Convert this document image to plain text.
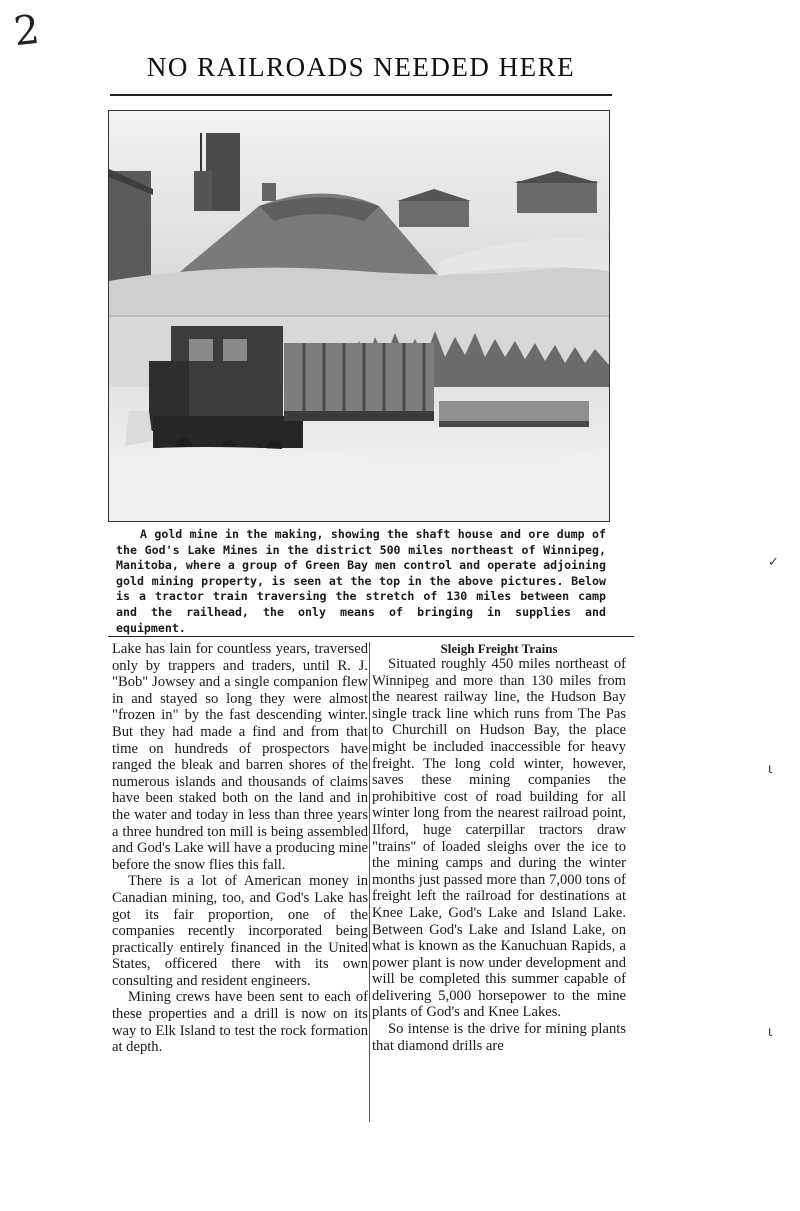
2
NO RAILROADS NEEDED HERE

A gold mine in the making, showing the shaft house and ore dump of the God's Lake Mines in the district 500 miles northeast of Winnipeg, Manitoba, where a group of Green Bay men control and operate adjoining gold mining property, is seen at the top in the above pictures. Below is a tractor train traversing the stretch of 130 miles between camp and the railhead, the only means of bringing in supplies and equipment.

Lake has lain for countless years, traversed only by trappers and traders, until R. J. "Bob" Jowsey and a single companion flew in and stayed so long they were almost "frozen in" by the fast descending winter. But they had made a find and from that time on hundreds of prospectors have ranged the bleak and barren shores of the numerous islands and thousands of claims have been staked both on the land and in the water and today in less than three years a three hundred ton mill is being assembled and God's Lake will have a producing mine before the snow flies this fall.

There is a lot of American money in Canadian mining, too, and God's Lake has got its fair proportion, one of the companies recently incorporated being practically entirely financed in the United States, officered there with its own consulting and resident engineers.

Mining crews have been sent to each of these properties and a drill is now on its way to Elk Island to test the rock formation at depth.

Sleigh Freight Trains

Situated roughly 450 miles northeast of Winnipeg and more than 130 miles from the nearest railway line, the Hudson Bay single track line which runs from The Pas to Churchill on Hudson Bay, the place might be included inaccessible for heavy freight. The long cold winter, however, saves these mining companies the prohibitive cost of road building for all winter long from the nearest railroad point, Ilford, huge caterpillar tractors draw "trains" of loaded sleighs over the ice to the mining camps and during the winter months just passed more than 7,000 tons of freight left the railroad for destinations at Knee Lake, God's Lake and Island Lake. Between God's Lake and Island Lake, on what is known as the Kanuchuan Rapids, a power plant is now under development and will be completed this summer capable of delivering 5,000 horsepower to the mine plants of God's and Knee Lakes.

So intense is the drive for mining plants that diamond drills are

✓
ι
ι
